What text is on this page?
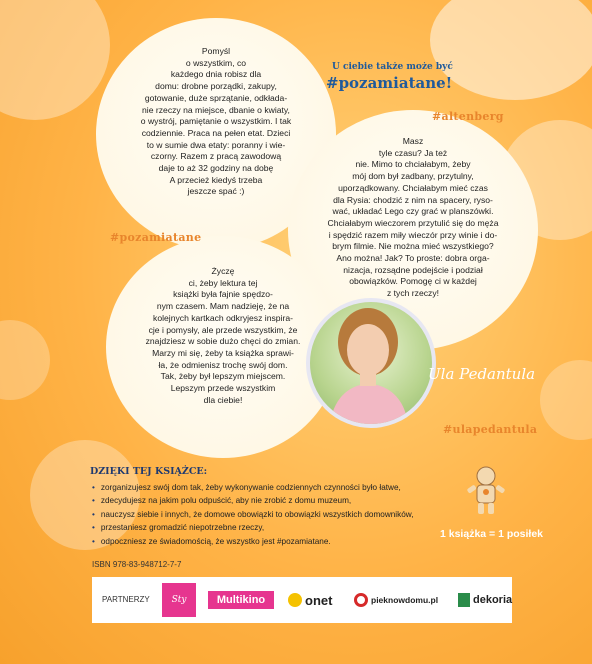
Pomyśl
o wszystkim, co
każdego dnia robisz dla
domu: drobne porządki, zakupy,
gotowanie, duże sprzątanie, odkłada-
nie rzeczy na miejsce, dbanie o kwiaty,
o wystrój, pamiętanie o wszystkim. I tak
codziennie. Praca na pełen etat. Dzieci
to w sumie dwa etaty: poranny i wie-
czorny. Razem z pracą zawodową
daje to aż 32 godziny na dobę
A przecież kiedyś trzeba
jeszcze spać :)
Masz
tyle czasu? Ja też
nie. Mimo to chciałabym, żeby
mój dom był zadbany, przytulny,
uporządkowany. Chciałabym mieć czas
dla Rysia: chodzić z nim na spacery, ryso-
wać, układać Lego czy grać w planszówki.
Chciałabym wieczorem przytulić się do męża
i spędzić razem miły wieczór przy winie i do-
brym filmie. Nie można mieć wszystkiego?
Ano można! Jak? To proste: dobra orga-
nizacja, rozsądne podejście i podział
obowiązków. Pomogę ci w każdej
z tych rzeczy!
Życzę
ci, żeby lektura tej
książki była fajnie spędzo-
nym czasem. Mam nadzieję, że na
kolejnych kartkach odkryjesz inspira-
cje i pomysły, ale przede wszystkim, że
znajdziesz w sobie dużo chęci do zmian.
Marzy mi się, żeby ta książka sprawi-
ła, że odmienisz trochę swój dom.
Tak, żeby był lepszym miejscem.
Lepszym przede wszystkim
dla ciebie!
U ciebie także może być
#pozamiatane!
#altenberg
#pozamiatane
#ulapedantula
Ula Pedantula
DZIĘKI TEJ KSIĄŻCE:
• zorganizujesz swój dom tak, żeby wykonywanie codziennych czynności było łatwe,
• zdecydujesz na jakim polu odpuścić, aby nie zrobić z domu muzeum,
• nauczysz siebie i innych, że domowe obowiązki to obowiązki wszystkich domowników,
• przestaniesz gromadzić niepotrzebne rzeczy,
• odpoczniesz ze świadomością, że wszystko jest #pozamiatane.
1 książka = 1 posiłek
ISBN 978-83-948712-7-7
PARTNERZY Sty	Multikino	onet	pieknowdomu.pl	dekoria
